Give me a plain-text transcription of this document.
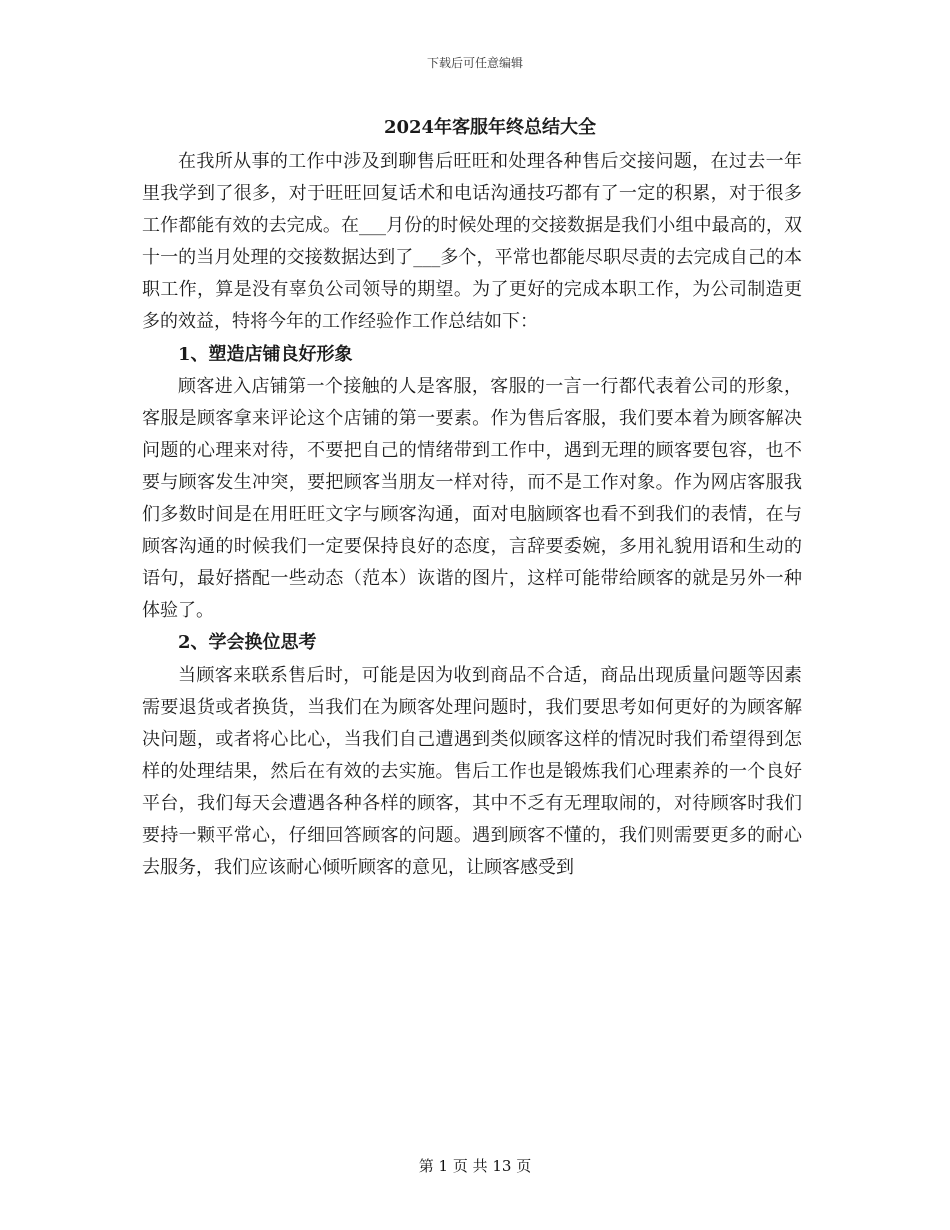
下载后可任意编辑
2024年客服年终总结大全

在我所从事的工作中涉及到聊售后旺旺和处理各种售后交接问题，在过去一年里我学到了很多，对于旺旺回复话术和电话沟通技巧都有了一定的积累，对于很多工作都能有效的去完成。在___月份的时候处理的交接数据是我们小组中最高的，双十一的当月处理的交接数据达到了___多个，平常也都能尽职尽责的去完成自己的本职工作，算是没有辜负公司领导的期望。为了更好的完成本职工作，为公司制造更多的效益，特将今年的工作经验作工作总结如下：

1、塑造店铺良好形象

顾客进入店铺第一个接触的人是客服，客服的一言一行都代表着公司的形象，客服是顾客拿来评论这个店铺的第一要素。作为售后客服，我们要本着为顾客解决问题的心理来对待，不要把自己的情绪带到工作中，遇到无理的顾客要包容，也不要与顾客发生冲突，要把顾客当朋友一样对待，而不是工作对象。作为网店客服我们多数时间是在用旺旺文字与顾客沟通，面对电脑顾客也看不到我们的表情，在与顾客沟通的时候我们一定要保持良好的态度，言辞要委婉，多用礼貌用语和生动的语句，最好搭配一些动态（范本）诙谐的图片，这样可能带给顾客的就是另外一种体验了。

2、学会换位思考

当顾客来联系售后时，可能是因为收到商品不合适，商品出现质量问题等因素需要退货或者换货，当我们在为顾客处理问题时，我们要思考如何更好的为顾客解决问题，或者将心比心，当我们自己遭遇到类似顾客这样的情况时我们希望得到怎样的处理结果，然后在有效的去实施。售后工作也是锻炼我们心理素养的一个良好平台，我们每天会遭遇各种各样的顾客，其中不乏有无理取闹的，对待顾客时我们要持一颗平常心，仔细回答顾客的问题。遇到顾客不懂的，我们则需要更多的耐心去服务，我们应该耐心倾听顾客的意见，让顾客感受到

第 1 页 共 13 页
